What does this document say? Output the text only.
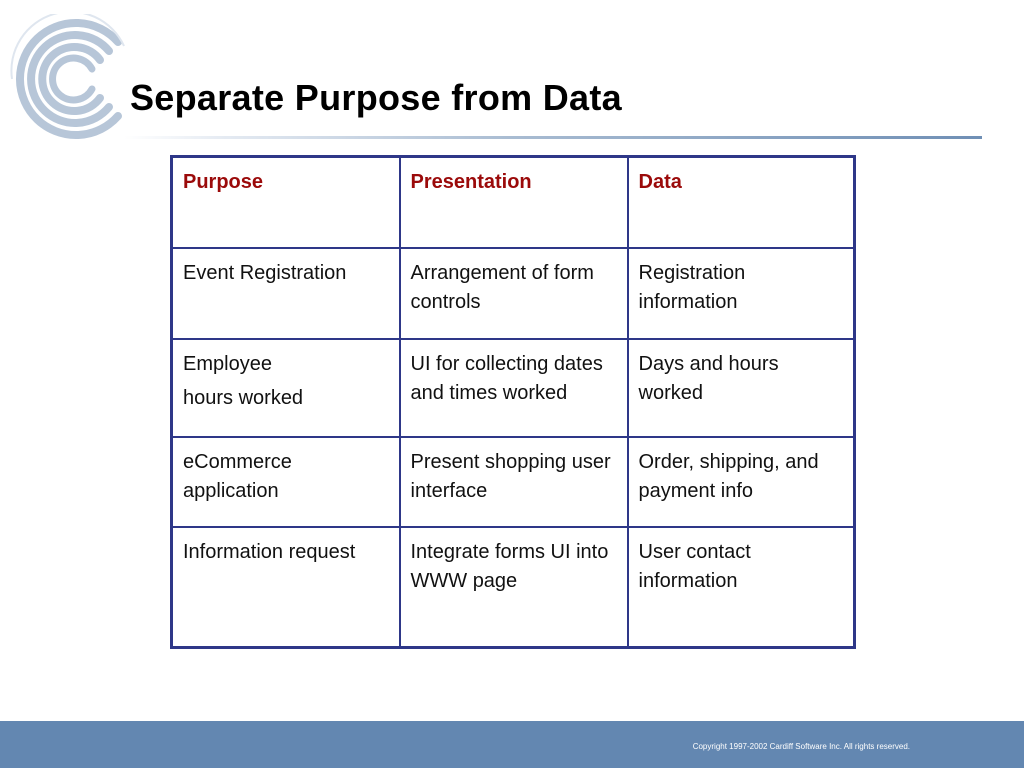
Separate Purpose from Data
Purpose	Presentation	Data

Event Registration	Arrangement of form controls	Registration information

Employee
hours worked	UI for collecting dates and times worked	Days and hours worked

eCommerce application	Present shopping user interface	Order, shipping, and payment info

Information request	Integrate forms UI into WWW page	User contact information
Copyright 1997-2002 Cardiff Software Inc. All rights reserved.
